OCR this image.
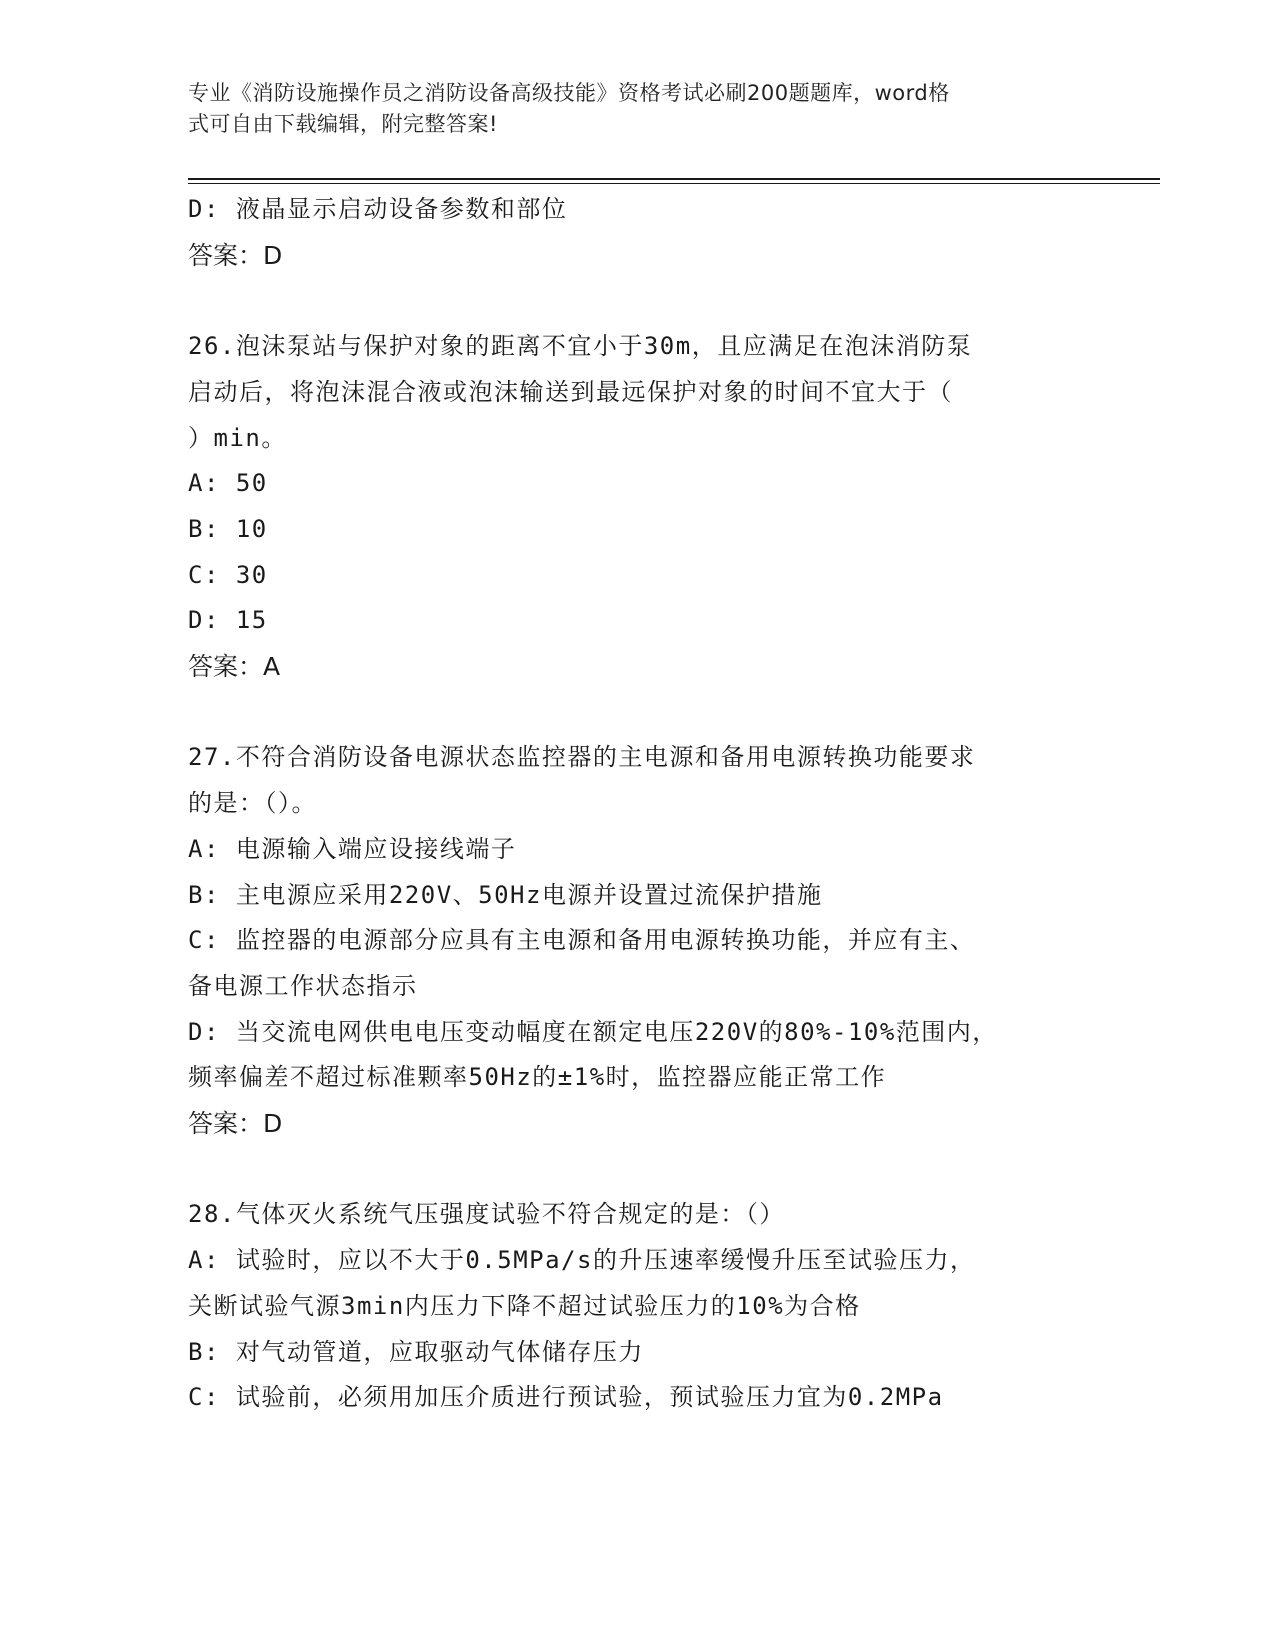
专业《消防设施操作员之消防设备高级技能》资格考试必刷200题题库，word格
式可自由下载编辑，附完整答案!
D: 液晶显示启动设备参数和部位
答案：D
26.泡沫泵站与保护对象的距离不宜小于30m，且应满足在泡沫消防泵
启动后，将泡沫混合液或泡沫输送到最远保护对象的时间不宜大于（
）min。
A: 50
B: 10
C: 30
D: 15
答案：A
27.不符合消防设备电源状态监控器的主电源和备用电源转换功能要求
的是：（）。
A: 电源输入端应设接线端子
B: 主电源应采用220V、50Hz电源并设置过流保护措施
C: 监控器的电源部分应具有主电源和备用电源转换功能，并应有主、
备电源工作状态指示
D: 当交流电网供电电压变动幅度在额定电压220V的80%-10%范围内，
频率偏差不超过标准颗率50Hz的±1%时，监控器应能正常工作
答案：D
28.气体灭火系统气压强度试验不符合规定的是：（）
A: 试验时，应以不大于0.5MPa/s的升压速率缓慢升压至试验压力，
关断试验气源3min内压力下降不超过试验压力的10%为合格
B: 对气动管道，应取驱动气体储存压力
C: 试验前，必须用加压介质进行预试验，预试验压力宜为0.2MPa
